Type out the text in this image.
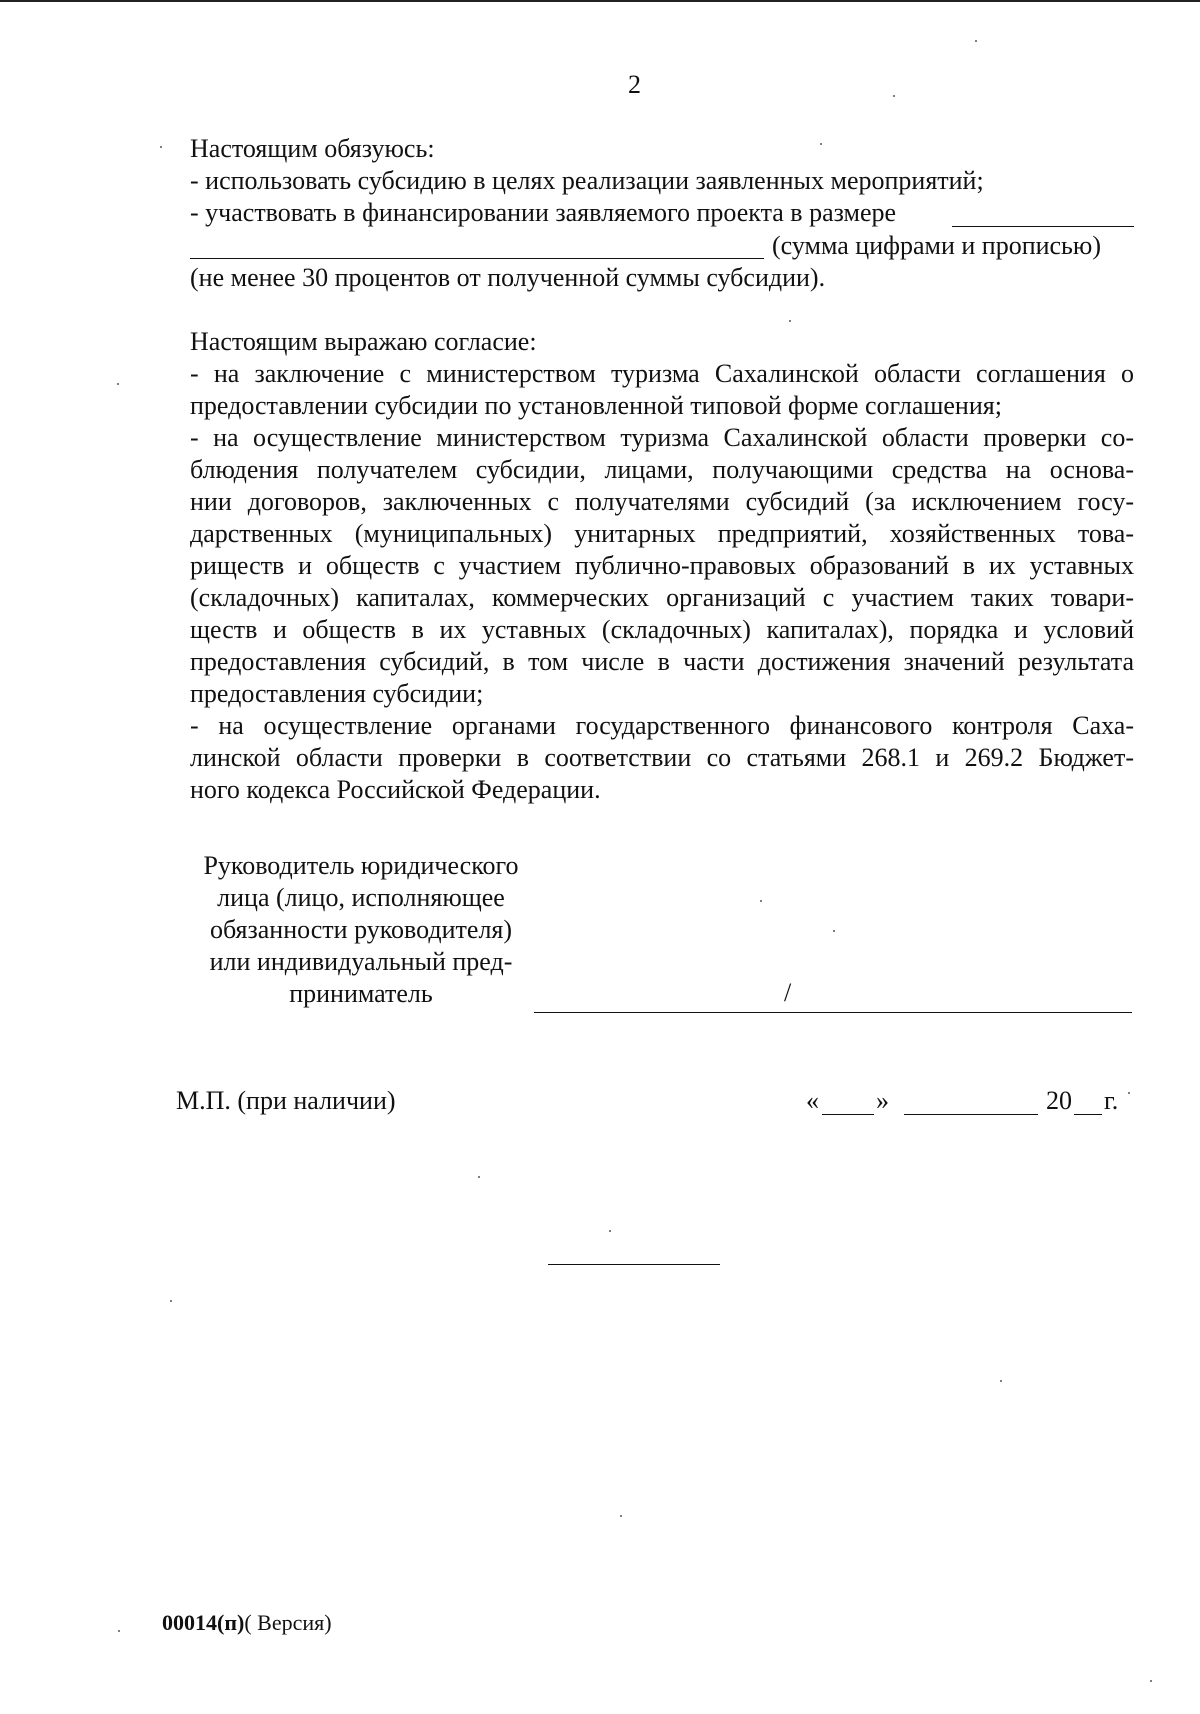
2
Настоящим обязуюсь:
- использовать субсидию в целях реализации заявленных мероприятий;
- участвовать в финансировании заявляемого проекта в размере
(сумма цифрами и прописью)
(не менее 30 процентов от полученной суммы субсидии).
Настоящим выражаю согласие:
- на заключение с министерством туризма Сахалинской области соглашения о
предоставлении субсидии по установленной типовой форме соглашения;
- на осуществление министерством туризма Сахалинской области проверки со-
блюдения получателем субсидии, лицами, получающими средства на основа-
нии договоров, заключенных с получателями субсидий (за исключением госу-
дарственных (муниципальных) унитарных предприятий, хозяйственных това-
риществ и обществ с участием публично-правовых образований в их уставных
(складочных) капиталах, коммерческих организаций с участием таких товари-
ществ и обществ в их уставных (складочных) капиталах), порядка и условий
предоставления субсидий, в том числе в части достижения значений результата
предоставления субсидии;
- на осуществление органами государственного финансового контроля Саха-
линской области проверки в соответствии со статьями 268.1 и 269.2 Бюджет-
ного кодекса Российской Федерации.
Руководитель юридического
лица (лицо, исполняющее
обязанности руководителя)
или индивидуальный пред-
приниматель	/
М.П. (при наличии)	« »	20 г.
00014(п)( Версия)
